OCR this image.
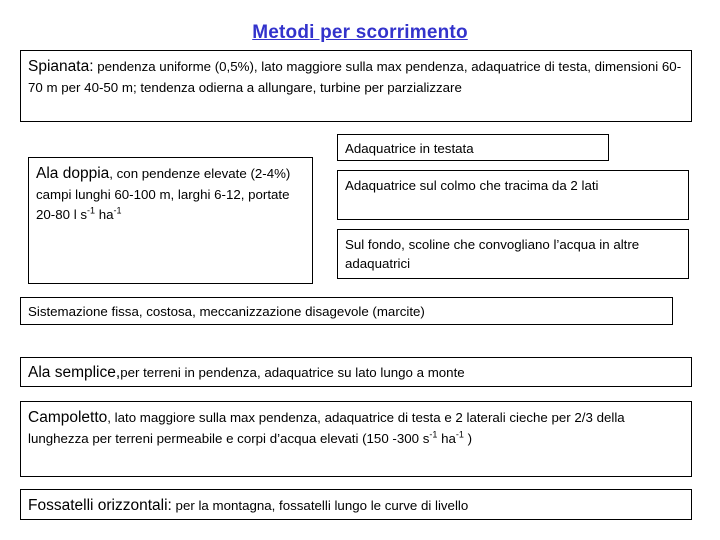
Metodi per scorrimento
Spianata: pendenza uniforme (0,5%), lato maggiore sulla max pendenza, adaquatrice di testa, dimensioni 60-70 m per 40-50 m; tendenza odierna a allungare, turbine per parzializzare
Ala doppia, con pendenze elevate (2-4%) campi lunghi 60-100 m, larghi 6-12, portate 20-80 l $s^{-1}$ $ha^{-1}$
Adaquatrice in testata
Adaquatrice sul colmo che tracima da 2 lati
Sul fondo, scoline che convogliano l’acqua in altre adaquatrici
Sistemazione fissa, costosa, meccanizzazione disagevole (marcite)
Ala semplice,per terreni in pendenza, adaquatrice su lato lungo a monte
Campoletto, lato maggiore sulla max pendenza, adaquatrice di testa e 2 laterali cieche per 2/3 della lunghezza per terreni permeabile e corpi d’acqua elevati (150 -300 $s^{-1}$ $ha^{-1}$ )
Fossatelli orizzontali: per la montagna, fossatelli lungo le curve di livello
